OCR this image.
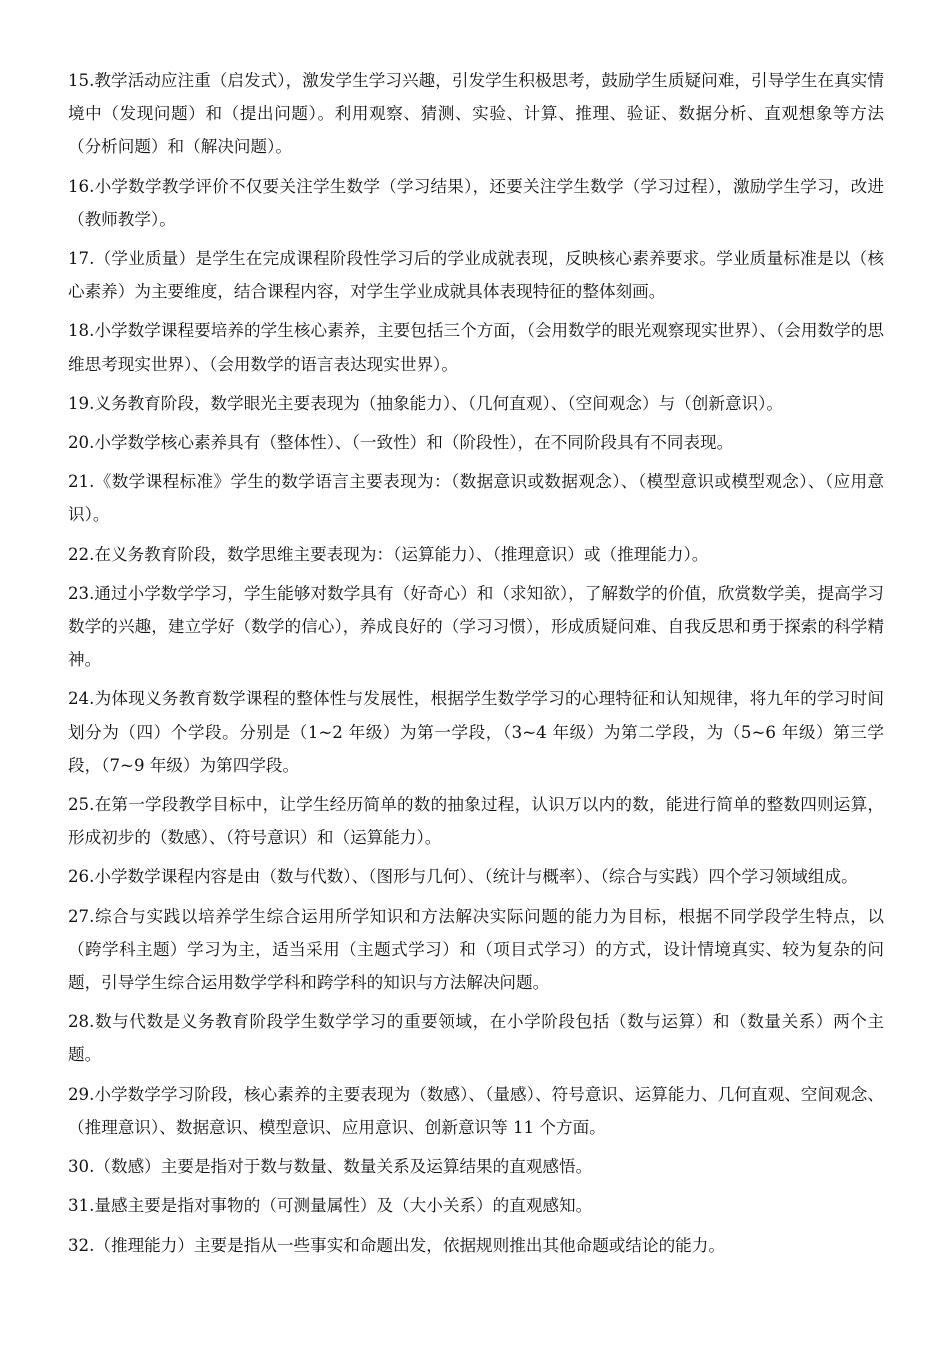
15.教学活动应注重（启发式），激发学生学习兴趣，引发学生积极思考，鼓励学生质疑问难，引导学生在真实情境中（发现问题）和（提出问题）。利用观察、猜测、实验、计算、推理、验证、数据分析、直观想象等方法（分析问题）和（解决问题）。

16.小学数学教学评价不仅要关注学生数学（学习结果），还要关注学生数学（学习过程），激励学生学习，改进（教师教学）。

17.（学业质量）是学生在完成课程阶段性学习后的学业成就表现，反映核心素养要求。学业质量标准是以（核心素养）为主要维度，结合课程内容，对学生学业成就具体表现特征的整体刻画。

18.小学数学课程要培养的学生核心素养，主要包括三个方面，（会用数学的眼光观察现实世界）、（会用数学的思维思考现实世界）、（会用数学的语言表达现实世界）。

19.义务教育阶段，数学眼光主要表现为（抽象能力）、（几何直观）、（空间观念）与（创新意识）。

20.小学数学核心素养具有（整体性）、（一致性）和（阶段性），在不同阶段具有不同表现。

21.《数学课程标准》学生的数学语言主要表现为：（数据意识或数据观念）、（模型意识或模型观念）、（应用意识）。

22.在义务教育阶段，数学思维主要表现为：（运算能力）、（推理意识）或（推理能力）。

23.通过小学数学学习，学生能够对数学具有（好奇心）和（求知欲），了解数学的价值，欣赏数学美，提高学习数学的兴趣，建立学好（数学的信心），养成良好的（学习习惯），形成质疑问难、自我反思和勇于探索的科学精神。

24.为体现义务教育数学课程的整体性与发展性，根据学生数学学习的心理特征和认知规律，将九年的学习时间划分为（四）个学段。分别是（1~2 年级）为第一学段，（3~4 年级）为第二学段，为（5~6 年级）第三学段，（7~9 年级）为第四学段。

25.在第一学段教学目标中，让学生经历简单的数的抽象过程，认识万以内的数，能进行简单的整数四则运算，形成初步的（数感）、（符号意识）和（运算能力）。

26.小学数学课程内容是由（数与代数）、（图形与几何）、（统计与概率）、（综合与实践）四个学习领域组成。

27.综合与实践以培养学生综合运用所学知识和方法解决实际问题的能力为目标，根据不同学段学生特点，以（跨学科主题）学习为主，适当采用（主题式学习）和（项目式学习）的方式，设计情境真实、较为复杂的问题，引导学生综合运用数学学科和跨学科的知识与方法解决问题。

28.数与代数是义务教育阶段学生数学学习的重要领域，在小学阶段包括（数与运算）和（数量关系）两个主题。

29.小学数学学习阶段，核心素养的主要表现为（数感）、（量感）、符号意识、运算能力、几何直观、空间观念、（推理意识）、数据意识、模型意识、应用意识、创新意识等 11 个方面。

30.（数感）主要是指对于数与数量、数量关系及运算结果的直观感悟。

31.量感主要是指对事物的（可测量属性）及（大小关系）的直观感知。

32.（推理能力）主要是指从一些事实和命题出发，依据规则推出其他命题或结论的能力。
